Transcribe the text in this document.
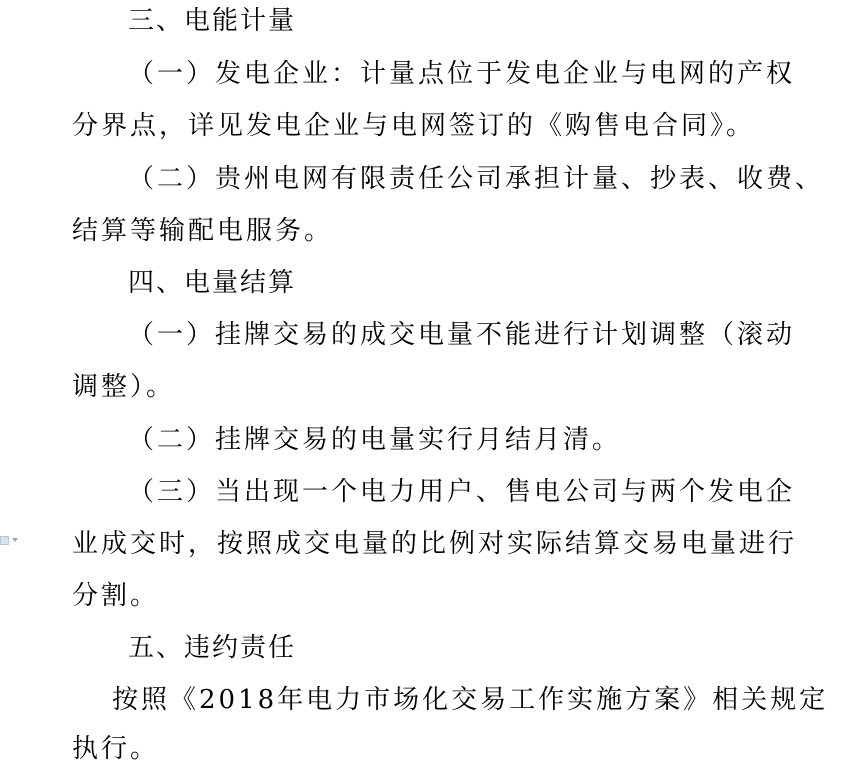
三、电能计量
（一）发电企业：计量点位于发电企业与电网的产权
分界点，详见发电企业与电网签订的《购售电合同》。
（二）贵州电网有限责任公司承担计量、抄表、收费、
结算等输配电服务。
四、电量结算
（一）挂牌交易的成交电量不能进行计划调整（滚动
调整）。
（二）挂牌交易的电量实行月结月清。
（三）当出现一个电力用户、售电公司与两个发电企
业成交时，按照成交电量的比例对实际结算交易电量进行
分割。
五、违约责任
按照《2018年电力市场化交易工作实施方案》相关规定
执行。
